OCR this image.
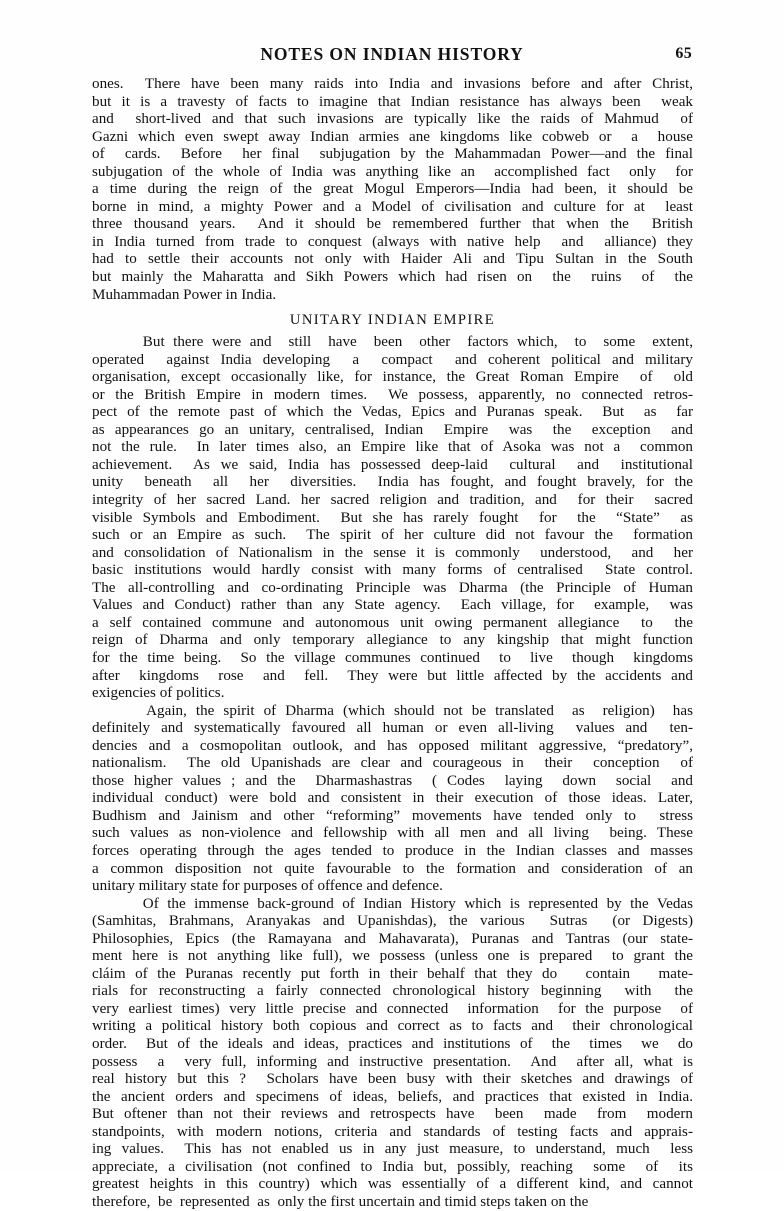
NOTES ON INDIAN HISTORY	65
ones.  There have been many raids into India and invasions before and after Christ,
but it is a travesty of facts to imagine that Indian resistance has always been  weak
and  short-lived and that such invasions are typically like the raids of Mahmud  of
Gazni which even swept away Indian armies ane kingdoms like cobweb or  a  house
of  cards.  Before  her final  subjugation by the Mahammadan Power—and the final
subjugation of the whole of India was anything like an  accomplished fact  only  for
a time during the reign of the great Mogul Emperors—India had been, it should be
borne in mind, a mighty Power and a Model of civilisation and culture for at  least
three thousand years.  And it should be remembered further that when the  British
in India turned from trade to conquest (always with native help  and  alliance) they
had to settle their accounts not only with Haider Ali and Tipu Sultan in the South
but mainly the Maharatta and Sikh Powers which had risen on  the  ruins  of  the
Muhammadan Power in India.
UNITARY INDIAN EMPIRE
But there were and  still  have  been  other  factors which,  to  some  extent,
operated  against India developing  a  compact  and coherent political and military
organisation, except occasionally like, for instance, the Great Roman Empire  of  old
or the British Empire in modern times.  We possess, apparently, no connected retros-
pect of the remote past of which the Vedas, Epics and Puranas speak.  But  as  far
as appearances go an unitary, centralised, Indian  Empire  was  the  exception  and
not the rule.  In later times also, an Empire like that of Asoka was not a  common
achievement.  As we said, India has possessed deep-laid  cultural  and  institutional
unity  beneath  all  her  diversities.  India has fought, and fought bravely, for the
integrity of her sacred Land. her sacred religion and tradition, and  for their  sacred
visible Symbols and Embodiment.  But she has rarely fought  for  the  “State”  as
such or an Empire as such.  The spirit of her culture did not favour the  formation
and consolidation of Nationalism in the sense it is commonly  understood,  and  her
basic institutions would hardly consist with many forms of centralised  State control.
The all-controlling and co-ordinating Principle was Dharma (the Principle of Human
Values and Conduct) rather than any State agency.  Each village, for  example,  was
a self contained commune and autonomous unit owing permanent allegiance  to  the
reign of Dharma and only temporary allegiance to any kingship that might function
for the time being.  So the village communes continued  to  live  though  kingdoms
after  kingdoms  rose  and  fell.  They were but little affected by the accidents and
exigencies of politics.
Again, the spirit of Dharma (which should not be translated  as  religion)  has
definitely and systematically favoured all human or even all-living  values and  ten-
dencies and a cosmopolitan outlook, and has opposed militant aggressive, “predatory”,
nationalism.  The old Upanishads are clear and courageous in  their  conception  of
those higher values ; and the  Dharmashastras  ( Codes  laying  down  social  and
individual conduct) were bold and consistent in their execution of those ideas. Later,
Budhism and Jainism and other “reforming” movements have tended only to  stress
such values as non-violence and fellowship with all men and all living  being. These
forces operating through the ages tended to produce in the Indian classes and masses
a common disposition not quite favourable to the formation and consideration of an
unitary military state for purposes of offence and defence.
Of the immense back-ground of Indian History which is represented by the Vedas
(Samhitas, Brahmans, Aranyakas and Upanishdas), the various  Sutras  (or Digests)
Philosophies, Epics (the Ramayana and Mahavarata), Puranas and Tantras (our state-
ment here is not anything like full), we possess (unless one is prepared  to grant the
cláim of the Puranas recently put forth in their behalf that they do   contain   mate-
rials for reconstructing a fairly connected chronological history beginning  with  the
very earliest times) very little precise and connected  information  for the purpose  of
writing a political history both copious and correct as to facts and  their chronological
order.  But of the ideals and ideas, practices and institutions of  the  times  we  do
possess  a  very full, informing and instructive presentation.  And  after all, what is
real history but this ?  Scholars have been busy with their sketches and drawings of
the ancient orders and specimens of ideas, beliefs, and practices that existed in India.
But oftener than not their reviews and retrospects have  been  made  from  modern
standpoints, with modern notions, criteria and standards of testing facts and apprais-
ing values.  This has not enabled us in any just measure, to understand, much  less
appreciate, a civilisation (not confined to India but, possibly, reaching  some  of  its
greatest heights in this country) which was essentially of a different kind, and cannot
therefore,  be  represented  as  only the first uncertain and timid steps taken on the
